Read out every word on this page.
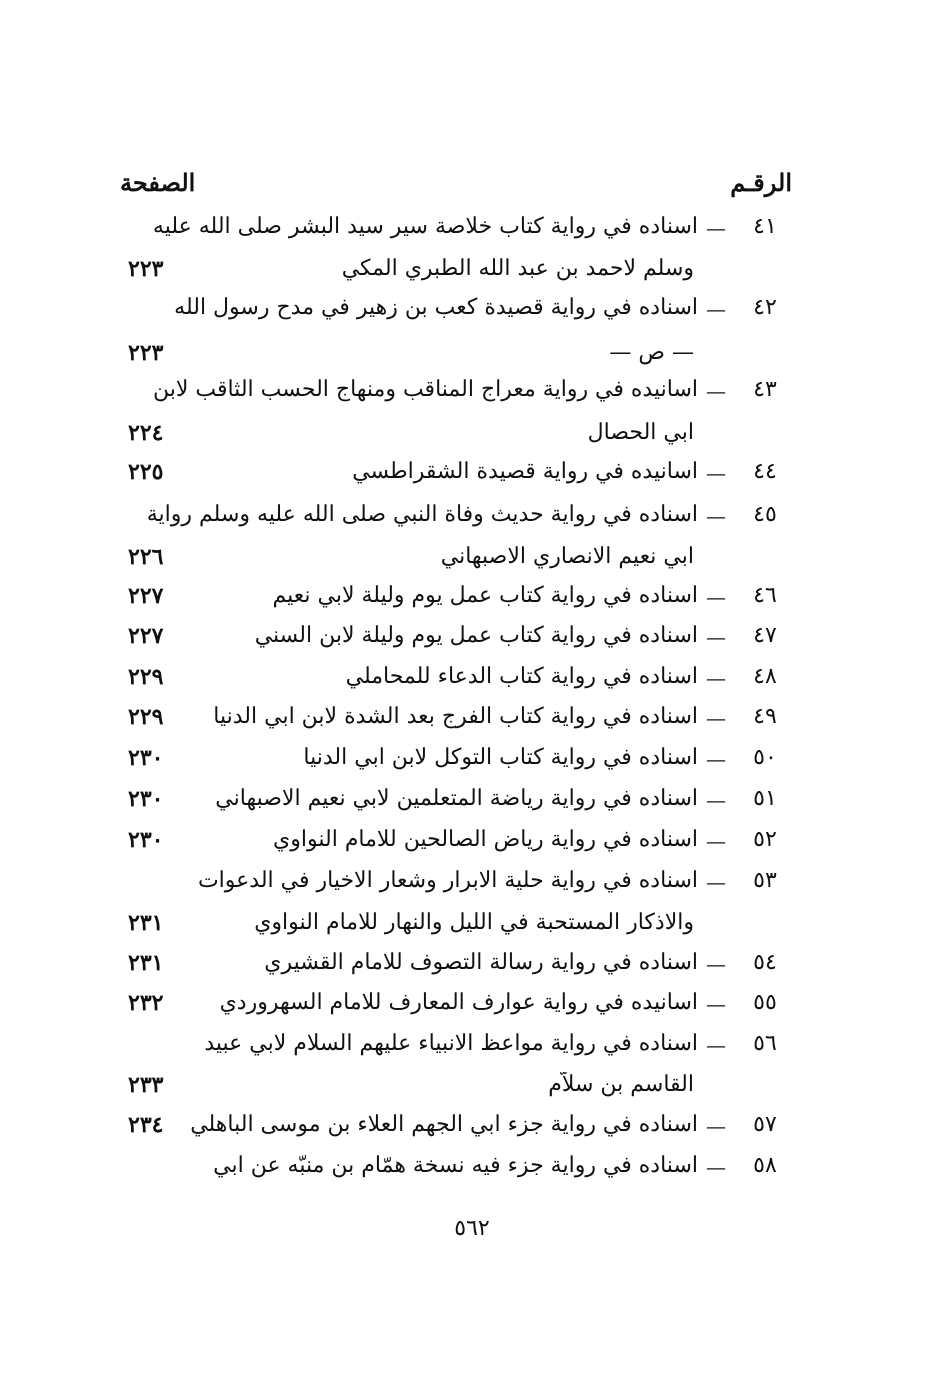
الرقـم
الصفحة
٤١
—
اسناده في رواية كتاب خلاصة سير سيد البشر صلى الله عليه
وسلم لاحمد بن عبد الله الطبري المكي
٢٢٣
٤٢
—
اسناده في رواية قصيدة كعب بن زهير في مدح رسول الله
— ص —
٢٢٣
٤٣
—
اسانيده في رواية معراج المناقب ومنهاج الحسب الثاقب لابن
ابي الحصال
٢٢٤
٤٤
—
اسانيده في رواية قصيدة الشقراطسي
٢٢٥
٤٥
—
اسناده في رواية حديث وفاة النبي صلى الله عليه وسلم رواية
ابي نعيم الانصاري الاصبهاني
٢٢٦
٤٦
—
اسناده في رواية كتاب عمل يوم وليلة لابي نعيم
٢٢٧
٤٧
—
اسناده في رواية كتاب عمل يوم وليلة لابن السني
٢٢٧
٤٨
—
اسناده في رواية كتاب الدعاء للمحاملي
٢٢٩
٤٩
—
اسناده في رواية كتاب الفرج بعد الشدة لابن ابي الدنيا
٢٢٩
٥٠
—
اسناده في رواية كتاب التوكل لابن ابي الدنيا
٢٣٠
٥١
—
اسناده في رواية رياضة المتعلمين لابي نعيم الاصبهاني
٢٣٠
٥٢
—
اسناده في رواية رياض الصالحين للامام النواوي
٢٣٠
٥٣
—
اسناده في رواية حلية الابرار وشعار الاخيار في الدعوات
والاذكار المستحبة في الليل والنهار للامام النواوي
٢٣١
٥٤
—
اسناده في رواية رسالة التصوف للامام القشيري
٢٣١
٥٥
—
اسانيده في رواية عوارف المعارف للامام السهروردي
٢٣٢
٥٦
—
اسناده في رواية مواعظ الانبياء عليهم السلام لابي عبيد
القاسم بن سلاّم
٢٣٣
٥٧
—
اسناده في رواية جزء ابي الجهم العلاء بن موسى الباهلي
٢٣٤
٥٨
—
اسناده في رواية جزء فيه نسخة همّام بن منبّه عن ابي
٥٦٢
